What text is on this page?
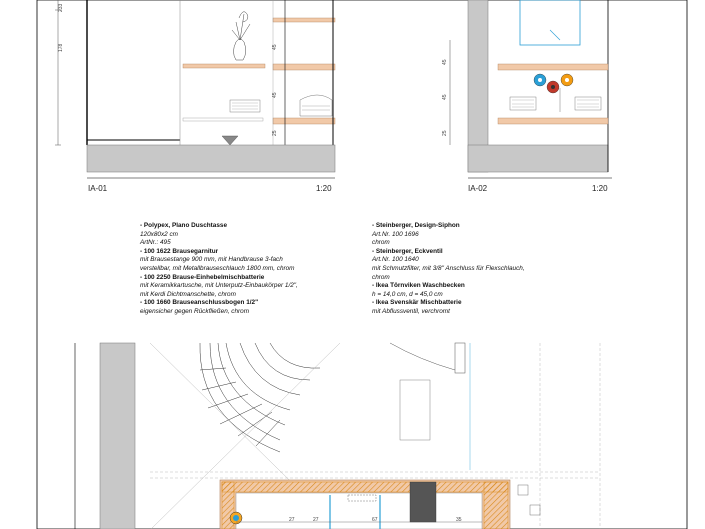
233
178	45
45
25
IA-01	1:20
45
45
25
IA-02	1:20
27	27	67	35
- Polypex, Plano Duschtasse
120x80x2 cm
ArtNr.: 495
- 100 1622 Brausegarnitur
mit Brausestange 900 mm, mit Handbrause 3-fach
verstellbar, mit Metallbrauseschlauch 1800 mm, chrom
- 100 2250 Brause-Einhebelmischbatterie
mit Keramikkartusche, mit Unterputz-Einbaukörper 1/2",
mit Kerdi Dichtmanschette, chrom
- 100 1660 Brauseanschlussbogen 1/2"
eigensicher gegen Rückfließen, chrom
- Steinberger, Design-Siphon
Art.Nr. 100 1696
chrom
- Steinberger, Eckventil
Art.Nr. 100 1640
mit Schmutzfilter, mit 3/8" Anschluss für Flexschlauch,
chrom
- Ikea Törnviken Waschbecken
h = 14,0 cm, d = 45,0 cm
- Ikea Svenskär Mischbatterie
mit Abflussventil, verchromt
